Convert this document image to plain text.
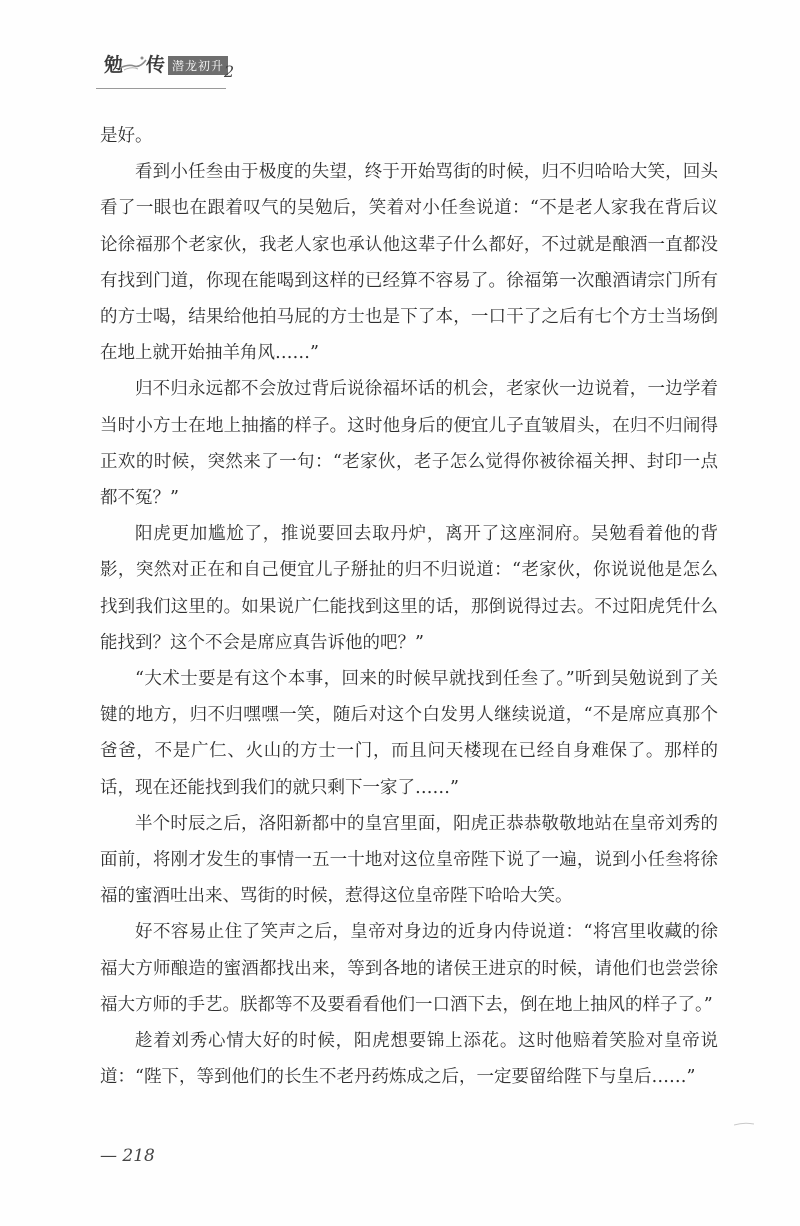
勉 传 潜龙初升 2

是好。

看到小任叁由于极度的失望，终于开始骂街的时候，归不归哈哈大笑，回头看了一眼也在跟着叹气的吴勉后，笑着对小任叁说道：“不是老人家我在背后议论徐福那个老家伙，我老人家也承认他这辈子什么都好，不过就是酿酒一直都没有找到门道，你现在能喝到这样的已经算不容易了。徐福第一次酿酒请宗门所有的方士喝，结果给他拍马屁的方士也是下了本，一口干了之后有七个方士当场倒在地上就开始抽羊角风……”

归不归永远都不会放过背后说徐福坏话的机会，老家伙一边说着，一边学着当时小方士在地上抽搐的样子。这时他身后的便宜儿子直皱眉头，在归不归闹得正欢的时候，突然来了一句：“老家伙，老子怎么觉得你被徐福关押、封印一点都不冤？”

阳虎更加尴尬了，推说要回去取丹炉，离开了这座洞府。吴勉看着他的背影，突然对正在和自己便宜儿子掰扯的归不归说道：“老家伙，你说说他是怎么找到我们这里的。如果说广仁能找到这里的话，那倒说得过去。不过阳虎凭什么能找到？这个不会是席应真告诉他的吧？”

“大术士要是有这个本事，回来的时候早就找到任叁了。”听到吴勉说到了关键的地方，归不归嘿嘿一笑，随后对这个白发男人继续说道，“不是席应真那个爸爸，不是广仁、火山的方士一门，而且问天楼现在已经自身难保了。那样的话，现在还能找到我们的就只剩下一家了……”

半个时辰之后，洛阳新都中的皇宫里面，阳虎正恭恭敬敬地站在皇帝刘秀的面前，将刚才发生的事情一五一十地对这位皇帝陛下说了一遍，说到小任叁将徐福的蜜酒吐出来、骂街的时候，惹得这位皇帝陛下哈哈大笑。

好不容易止住了笑声之后，皇帝对身边的近身内侍说道：“将宫里收藏的徐福大方师酿造的蜜酒都找出来，等到各地的诸侯王进京的时候，请他们也尝尝徐福大方师的手艺。朕都等不及要看看他们一口酒下去，倒在地上抽风的样子了。”

趁着刘秀心情大好的时候，阳虎想要锦上添花。这时他赔着笑脸对皇帝说道：“陛下，等到他们的长生不老丹药炼成之后，一定要留给陛下与皇后……”

— 218
